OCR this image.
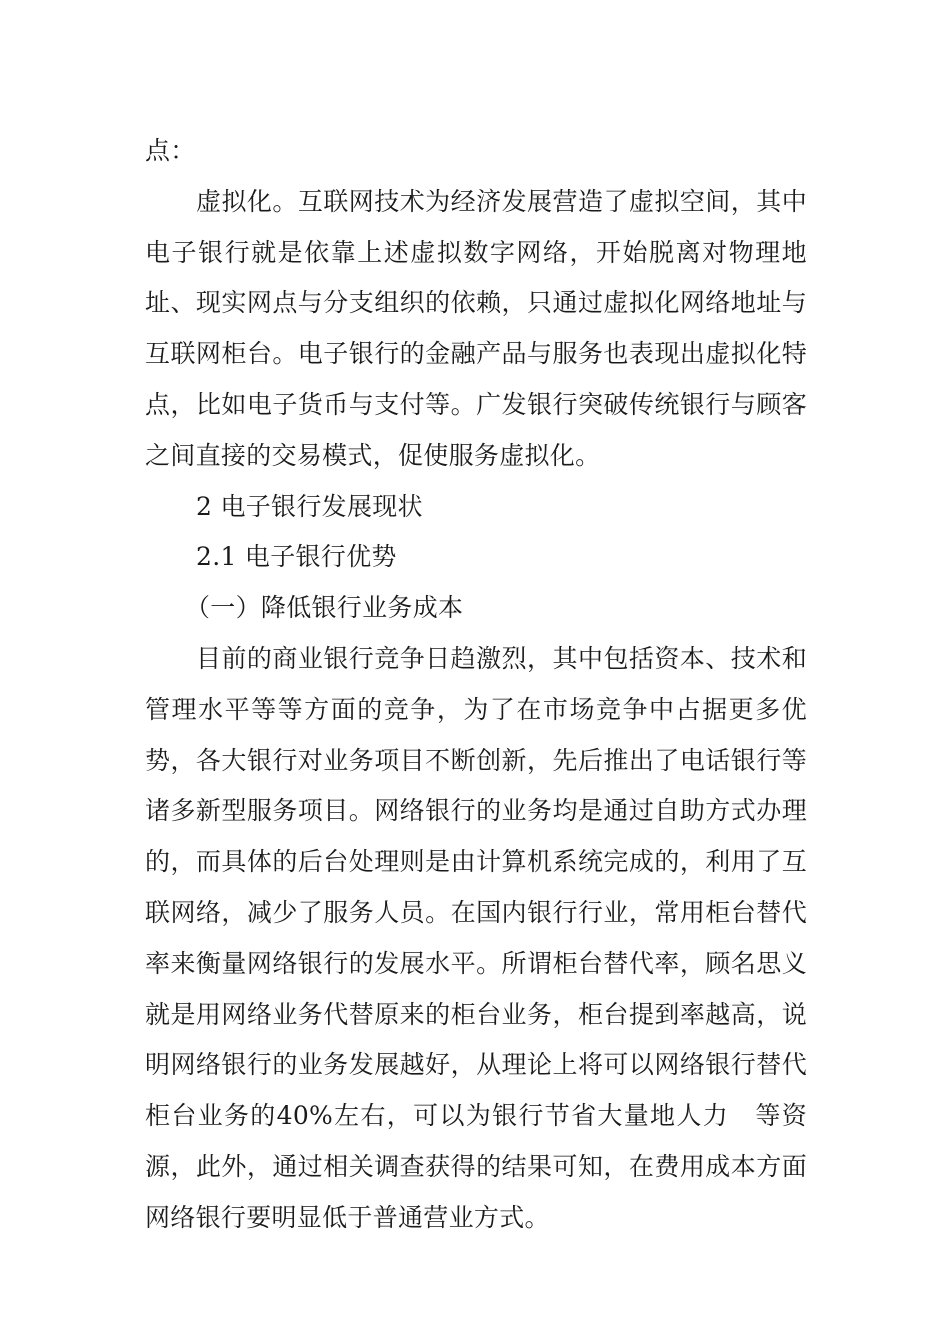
点：

虚拟化。互联网技术为经济发展营造了虚拟空间，其中电子银行就是依靠上述虚拟数字网络，开始脱离对物理地址、现实网点与分支组织的依赖，只通过虚拟化网络地址与互联网柜台。电子银行的金融产品与服务也表现出虚拟化特点，比如电子货币与支付等。广发银行突破传统银行与顾客之间直接的交易模式，促使服务虚拟化。

2 电子银行发展现状

2.1 电子银行优势

（一）降低银行业务成本

目前的商业银行竞争日趋激烈，其中包括资本、技术和管理水平等等方面的竞争，为了在市场竞争中占据更多优势，各大银行对业务项目不断创新，先后推出了电话银行等诸多新型服务项目。网络银行的业务均是通过自助方式办理的，而具体的后台处理则是由计算机系统完成的，利用了互联网络，减少了服务人员。在国内银行行业，常用柜台替代率来衡量网络银行的发展水平。所谓柜台替代率，顾名思义就是用网络业务代替原来的柜台业务，柜台提到率越高，说明网络银行的业务发展越好，从理论上将可以网络银行替代柜台业务的40%左右，可以为银行节省大量地人力　等资源，此外，通过相关调查获得的结果可知，在费用成本方面网络银行要明显低于普通营业方式。
